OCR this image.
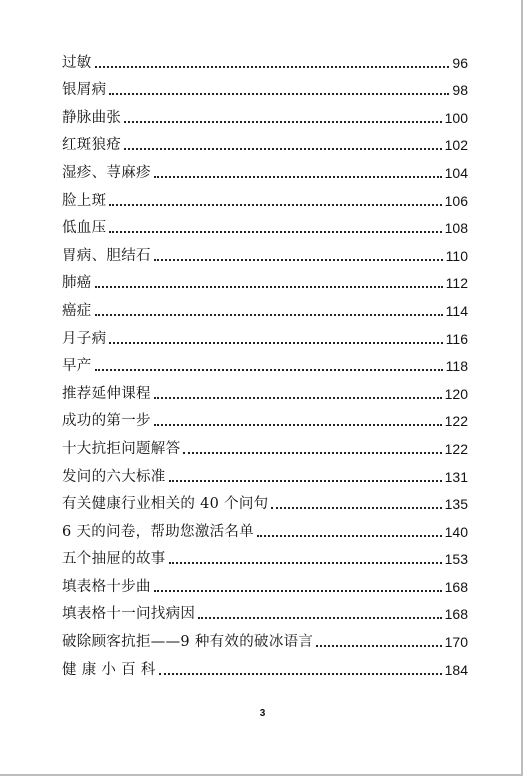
过敏	96
银屑病	98
静脉曲张	100
红斑狼疮	102
湿疹、荨麻疹	104
脸上斑	106
低血压	108
胃病、胆结石	110
肺癌	112
癌症	114
月子病	116
早产	118
推荐延伸课程	120
成功的第一步	122
十大抗拒问题解答	122
发问的六大标准	131
有关健康行业相关的 40 个问句	135
6 天的问卷，帮助您激活名单	140
五个抽屉的故事	153
填表格十步曲	168
填表格十一问找病因	168
破除顾客抗拒——9 种有效的破冰语言	170
健 康 小 百 科	184
3
